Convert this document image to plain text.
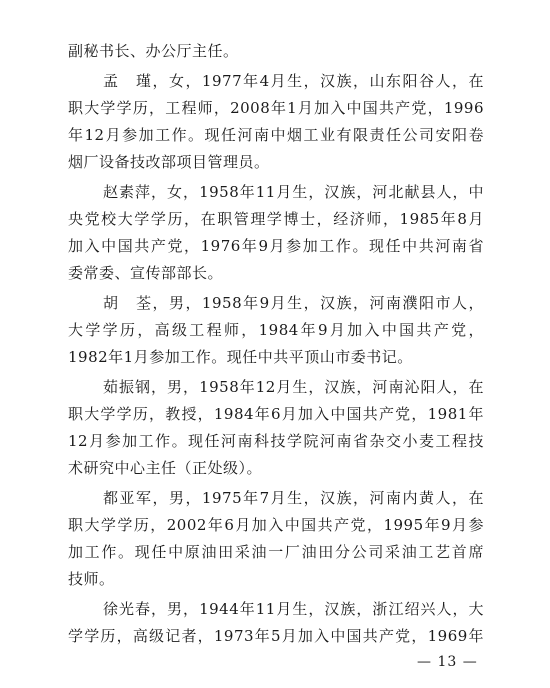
副秘书长、办公厅主任。
孟　瑾，女，1977年4月生，汉族，山东阳谷人，在
职大学学历，工程师，2008年1月加入中国共产党，1996
年12月参加工作。现任河南中烟工业有限责任公司安阳卷
烟厂设备技改部项目管理员。
赵素萍，女，1958年11月生，汉族，河北献县人，中
央党校大学学历，在职管理学博士，经济师，1985年8月
加入中国共产党，1976年9月参加工作。现任中共河南省
委常委、宣传部部长。
胡　荃，男，1958年9月生，汉族，河南濮阳市人，
大学学历，高级工程师，1984年9月加入中国共产党，
1982年1月参加工作。现任中共平顶山市委书记。
茹振钢，男，1958年12月生，汉族，河南沁阳人，在
职大学学历，教授，1984年6月加入中国共产党，1981年
12月参加工作。现任河南科技学院河南省杂交小麦工程技
术研究中心主任（正处级）。
都亚军，男，1975年7月生，汉族，河南内黄人，在
职大学学历，2002年6月加入中国共产党，1995年9月参
加工作。现任中原油田采油一厂油田分公司采油工艺首席
技师。
徐光春，男，1944年11月生，汉族，浙江绍兴人，大
学学历，高级记者，1973年5月加入中国共产党，1969年
— 13 —
